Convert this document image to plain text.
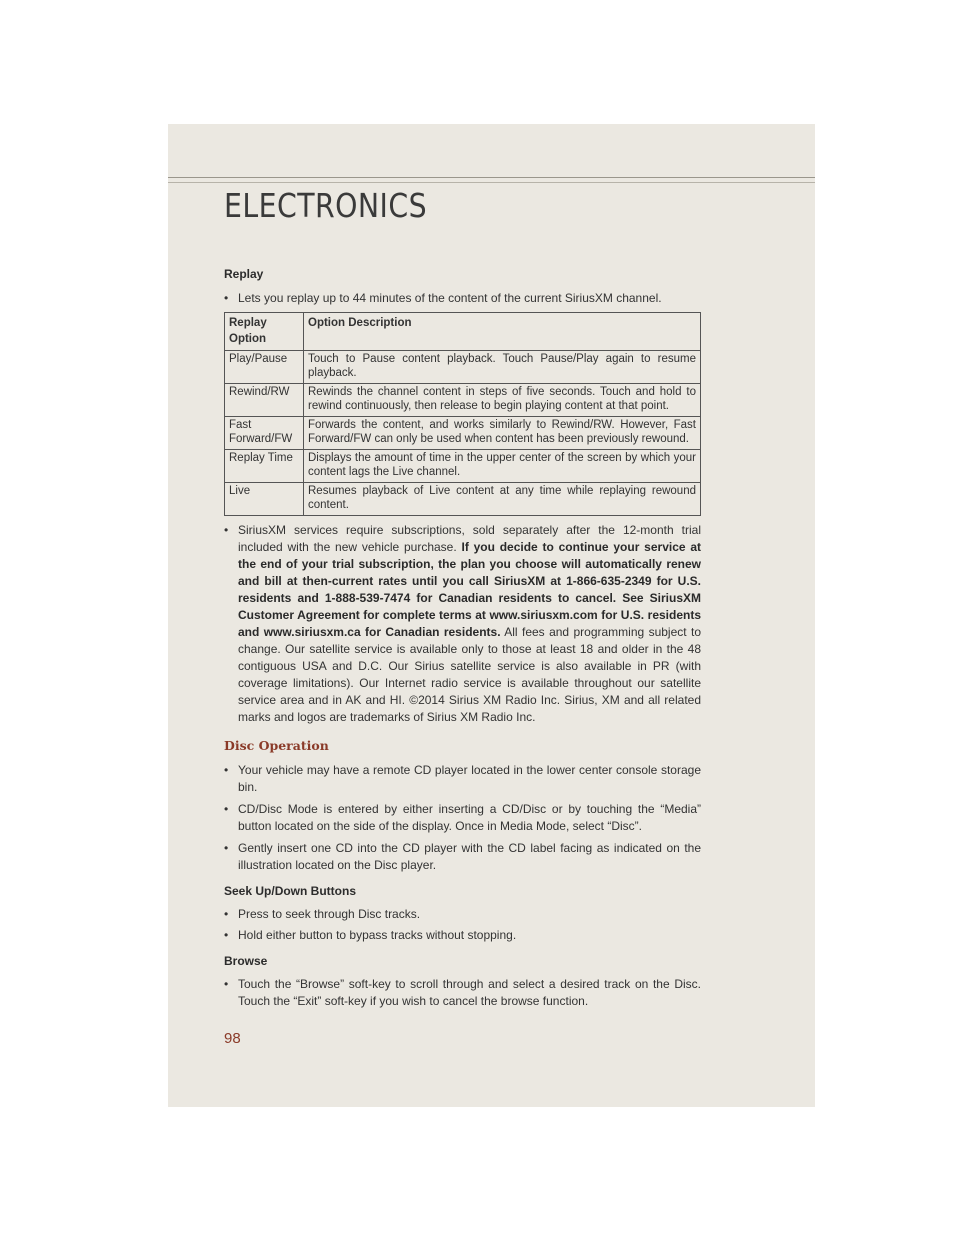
ELECTRONICS

Replay

• Lets you replay up to 44 minutes of the content of the current SiriusXM channel.

Replay Option	Option Description
Play/Pause	Touch to Pause content playback. Touch Pause/Play again to resume playback.
Rewind/RW	Rewinds the channel content in steps of five seconds. Touch and hold to rewind continuously, then release to begin playing content at that point.
Fast Forward/FW	Forwards the content, and works similarly to Rewind/RW. However, Fast Forward/FW can only be used when content has been previously rewound.
Replay Time	Displays the amount of time in the upper center of the screen by which your content lags the Live channel.
Live	Resumes playback of Live content at any time while replaying rewound content.

• SiriusXM services require subscriptions, sold separately after the 12-month trial included with the new vehicle purchase. If you decide to continue your service at the end of your trial subscription, the plan you choose will automatically renew and bill at then-current rates until you call SiriusXM at 1-866-635-2349 for U.S. residents and 1-888-539-7474 for Canadian residents to cancel. See SiriusXM Customer Agreement for complete terms at www.siriusxm.com for U.S. residents and www.siriusxm.ca for Canadian residents. All fees and programming subject to change. Our satellite service is available only to those at least 18 and older in the 48 contiguous USA and D.C. Our Sirius satellite service is also available in PR (with coverage limitations). Our Internet radio service is available throughout our satellite service area and in AK and HI. ©2014 Sirius XM Radio Inc. Sirius, XM and all related marks and logos are trademarks of Sirius XM Radio Inc.

Disc Operation

• Your vehicle may have a remote CD player located in the lower center console storage bin.

• CD/Disc Mode is entered by either inserting a CD/Disc or by touching the “Media” button located on the side of the display. Once in Media Mode, select “Disc”.

• Gently insert one CD into the CD player with the CD label facing as indicated on the illustration located on the Disc player.

Seek Up/Down Buttons

• Press to seek through Disc tracks.

• Hold either button to bypass tracks without stopping.

Browse

• Touch the “Browse” soft-key to scroll through and select a desired track on the Disc. Touch the “Exit” soft-key if you wish to cancel the browse function.

98
